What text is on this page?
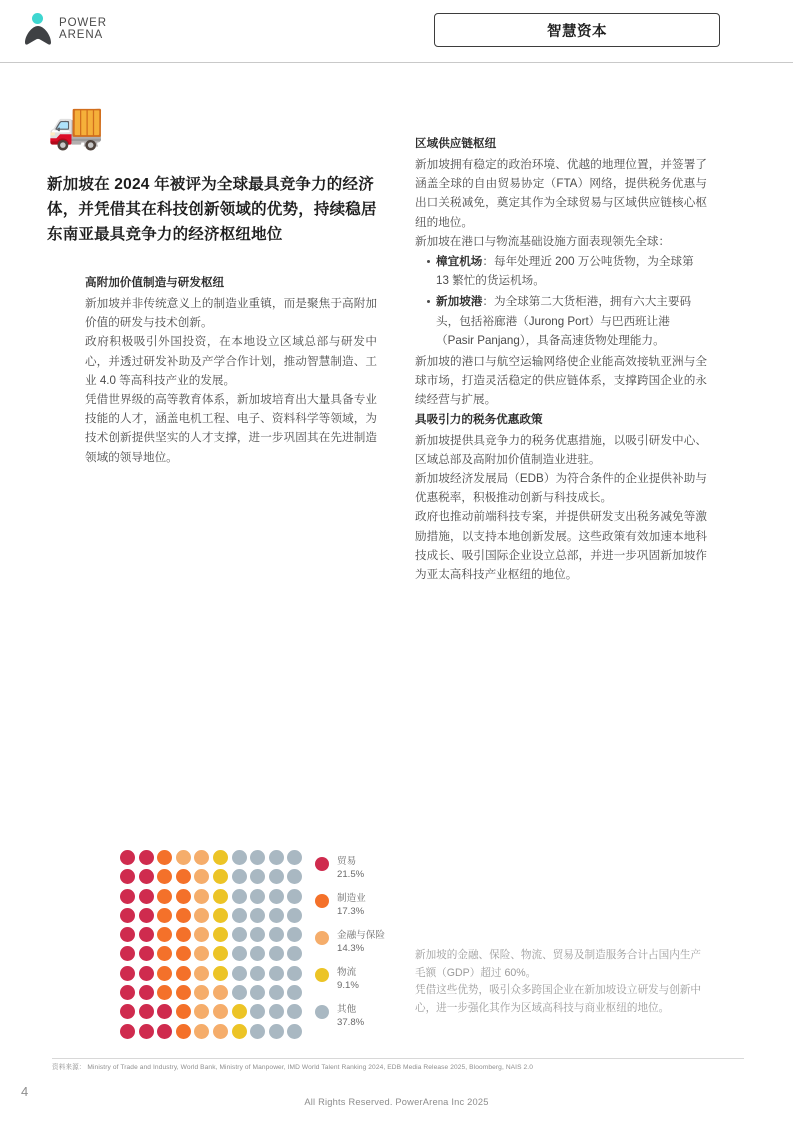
POWER
ARENA	智慧资本
🚚
新加坡在 2024 年被评为全球最具竞争力的经济体，并凭借其在科技创新领域的优势，持续稳居东南亚最具竞争力的经济枢纽地位
高附加价值制造与研发枢纽

新加坡并非传统意义上的制造业重镇，而是聚焦于高附加价值的研发与技术创新。

政府积极吸引外国投资，在本地设立区域总部与研发中心，并透过研发补助及产学合作计划，推动智慧制造、工业 4.0 等高科技产业的发展。

凭借世界级的高等教育体系，新加坡培育出大量具备专业技能的人才，涵盖电机工程、电子、资料科学等领域，为技术创新提供坚实的人才支撑，进一步巩固其在先进制造领域的领导地位。

区域供应链枢纽

新加坡拥有稳定的政治环境、优越的地理位置，并签署了涵盖全球的自由贸易协定（FTA）网络，提供税务优惠与出口关税减免，奠定其作为全球贸易与区域供应链核心枢纽的地位。

新加坡在港口与物流基础设施方面表现领先全球：

樟宜机场：每年处理近 200 万公吨货物，为全球第 13 繁忙的货运机场。
新加坡港：为全球第二大货柜港，拥有六大主要码头，包括裕廊港（Jurong Port）与巴西班让港（Pasir Panjang），具备高速货物处理能力。

新加坡的港口与航空运输网络使企业能高效接轨亚洲与全球市场，打造灵活稳定的供应链体系，支撑跨国企业的永续经营与扩展。

具吸引力的税务优惠政策

新加坡提供具竞争力的税务优惠措施，以吸引研发中心、区域总部及高附加价值制造业进驻。

新加坡经济发展局（EDB）为符合条件的企业提供补助与优惠税率，积极推动创新与科技成长。

政府也推动前端科技专案，并提供研发支出税务减免等激励措施，以支持本地创新发展。这些政策有效加速本地科技成长、吸引国际企业设立总部，并进一步巩固新加坡作为亚太高科技产业枢纽的地位。

贸易
21.5%
制造业
17.3%
金融与保险
14.3%
物流
9.1%
其他
37.8%

新加坡的金融、保险、物流、贸易及制造服务合计占国内生产毛额（GDP）超过 60%。

凭借这些优势，吸引众多跨国企业在新加坡设立研发与创新中心，进一步强化其作为区域高科技与商业枢纽的地位。

资料来源： Ministry of Trade and Industry, World Bank, Ministry of Manpower, IMD World Talent Ranking 2024, EDB Media Release 2025, Bloomberg, NAIS 2.0
4
All Rights Reserved. PowerArena Inc 2025
